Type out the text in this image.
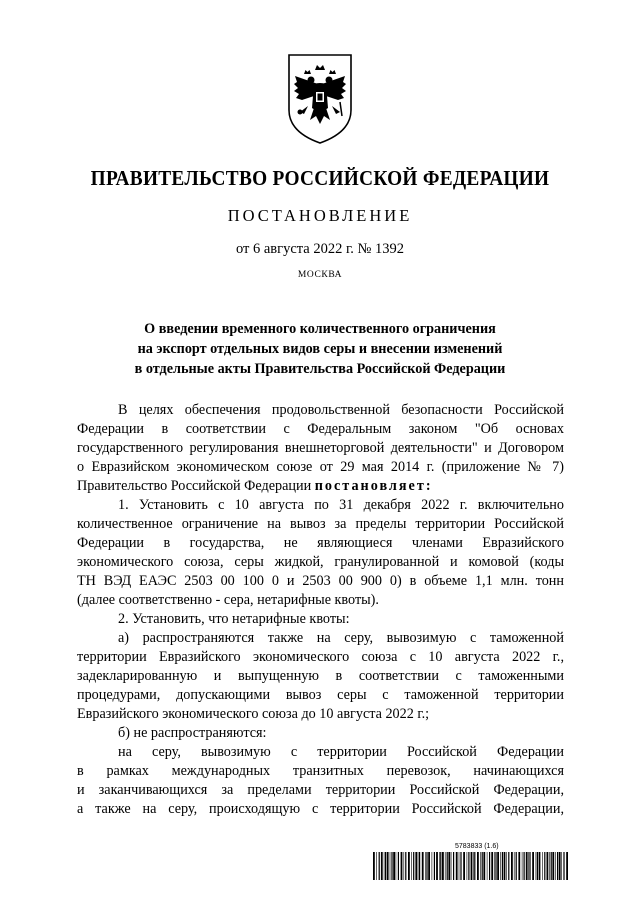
ПРАВИТЕЛЬСТВО РОССИЙСКОЙ ФЕДЕРАЦИИ
ПОСТАНОВЛЕНИЕ
от 6 августа 2022 г. № 1392
МОСКВА
О введении временного количественного ограничения
на экспорт отдельных видов серы и внесении изменений
в отдельные акты Правительства Российской Федерации
В целях обеспечения продовольственной безопасности Российской
Федерации в соответствии с Федеральным законом "Об основах
государственного регулирования внешнеторговой деятельности" и Договором
о Евразийском экономическом союзе от 29 мая 2014 г. (приложение № 7)
Правительство Российской Федерации постановляет:
1. Установить с 10 августа по 31 декабря 2022 г. включительно
количественное ограничение на вывоз за пределы территории Российской
Федерации в государства, не являющиеся членами Евразийского
экономического союза, серы жидкой, гранулированной и комовой (коды
ТН ВЭД ЕАЭС 2503 00 100 0 и 2503 00 900 0) в объеме 1,1 млн. тонн
(далее соответственно - сера, нетарифные квоты).
2. Установить, что нетарифные квоты:
а) распространяются также на серу, вывозимую с таможенной
территории Евразийского экономического союза с 10 августа 2022 г.,
задекларированную и выпущенную в соответствии с таможенными
процедурами, допускающими вывоз серы с таможенной территории
Евразийского экономического союза до 10 августа 2022 г.;
б) не распространяются:
на серу, вывозимую с территории Российской Федерации
в рамках международных транзитных перевозок, начинающихся
и заканчивающихся за пределами территории Российской Федерации,
а также на серу, происходящую с территории Российской Федерации,
5783833 (1.6)
